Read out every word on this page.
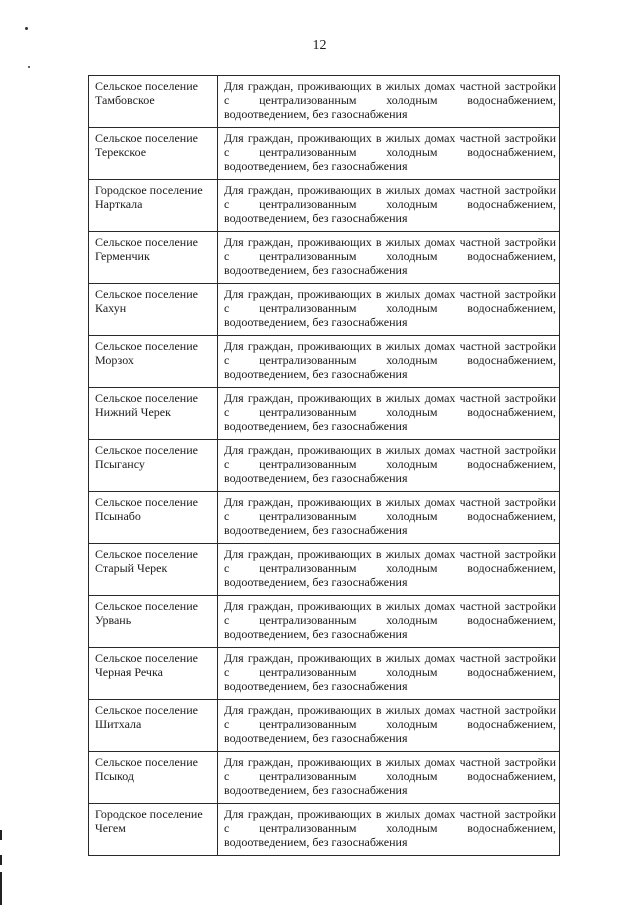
12
Сельское поселение Тамбовское	Для граждан, проживающих в жилых домах частной застройки с централизованным холодным водоснабжением, водоотведением, без газоснабжения
Сельское поселение Терекское	Для граждан, проживающих в жилых домах частной застройки с централизованным холодным водоснабжением, водоотведением, без газоснабжения
Городское поселение Нарткала	Для граждан, проживающих в жилых домах частной застройки с централизованным холодным водоснабжением, водоотведением, без газоснабжения
Сельское поселение Герменчик	Для граждан, проживающих в жилых домах частной застройки с централизованным холодным водоснабжением, водоотведением, без газоснабжения
Сельское поселение Кахун	Для граждан, проживающих в жилых домах частной застройки с централизованным холодным водоснабжением, водоотведением, без газоснабжения
Сельское поселение Морзох	Для граждан, проживающих в жилых домах частной застройки с централизованным холодным водоснабжением, водоотведением, без газоснабжения
Сельское поселение Нижний Черек	Для граждан, проживающих в жилых домах частной застройки с централизованным холодным водоснабжением, водоотведением, без газоснабжения
Сельское поселение Псыгансу	Для граждан, проживающих в жилых домах частной застройки с централизованным холодным водоснабжением, водоотведением, без газоснабжения
Сельское поселение Псынабо	Для граждан, проживающих в жилых домах частной застройки с централизованным холодным водоснабжением, водоотведением, без газоснабжения
Сельское поселение Старый Черек	Для граждан, проживающих в жилых домах частной застройки с централизованным холодным водоснабжением, водоотведением, без газоснабжения
Сельское поселение Урвань	Для граждан, проживающих в жилых домах частной застройки с централизованным холодным водоснабжением, водоотведением, без газоснабжения
Сельское поселение Черная Речка	Для граждан, проживающих в жилых домах частной застройки с централизованным холодным водоснабжением, водоотведением, без газоснабжения
Сельское поселение Шитхала	Для граждан, проживающих в жилых домах частной застройки с централизованным холодным водоснабжением, водоотведением, без газоснабжения
Сельское поселение Псыкод	Для граждан, проживающих в жилых домах частной застройки с централизованным холодным водоснабжением, водоотведением, без газоснабжения
Городское поселение Чегем	Для граждан, проживающих в жилых домах частной застройки с централизованным холодным водоснабжением, водоотведением, без газоснабжения
